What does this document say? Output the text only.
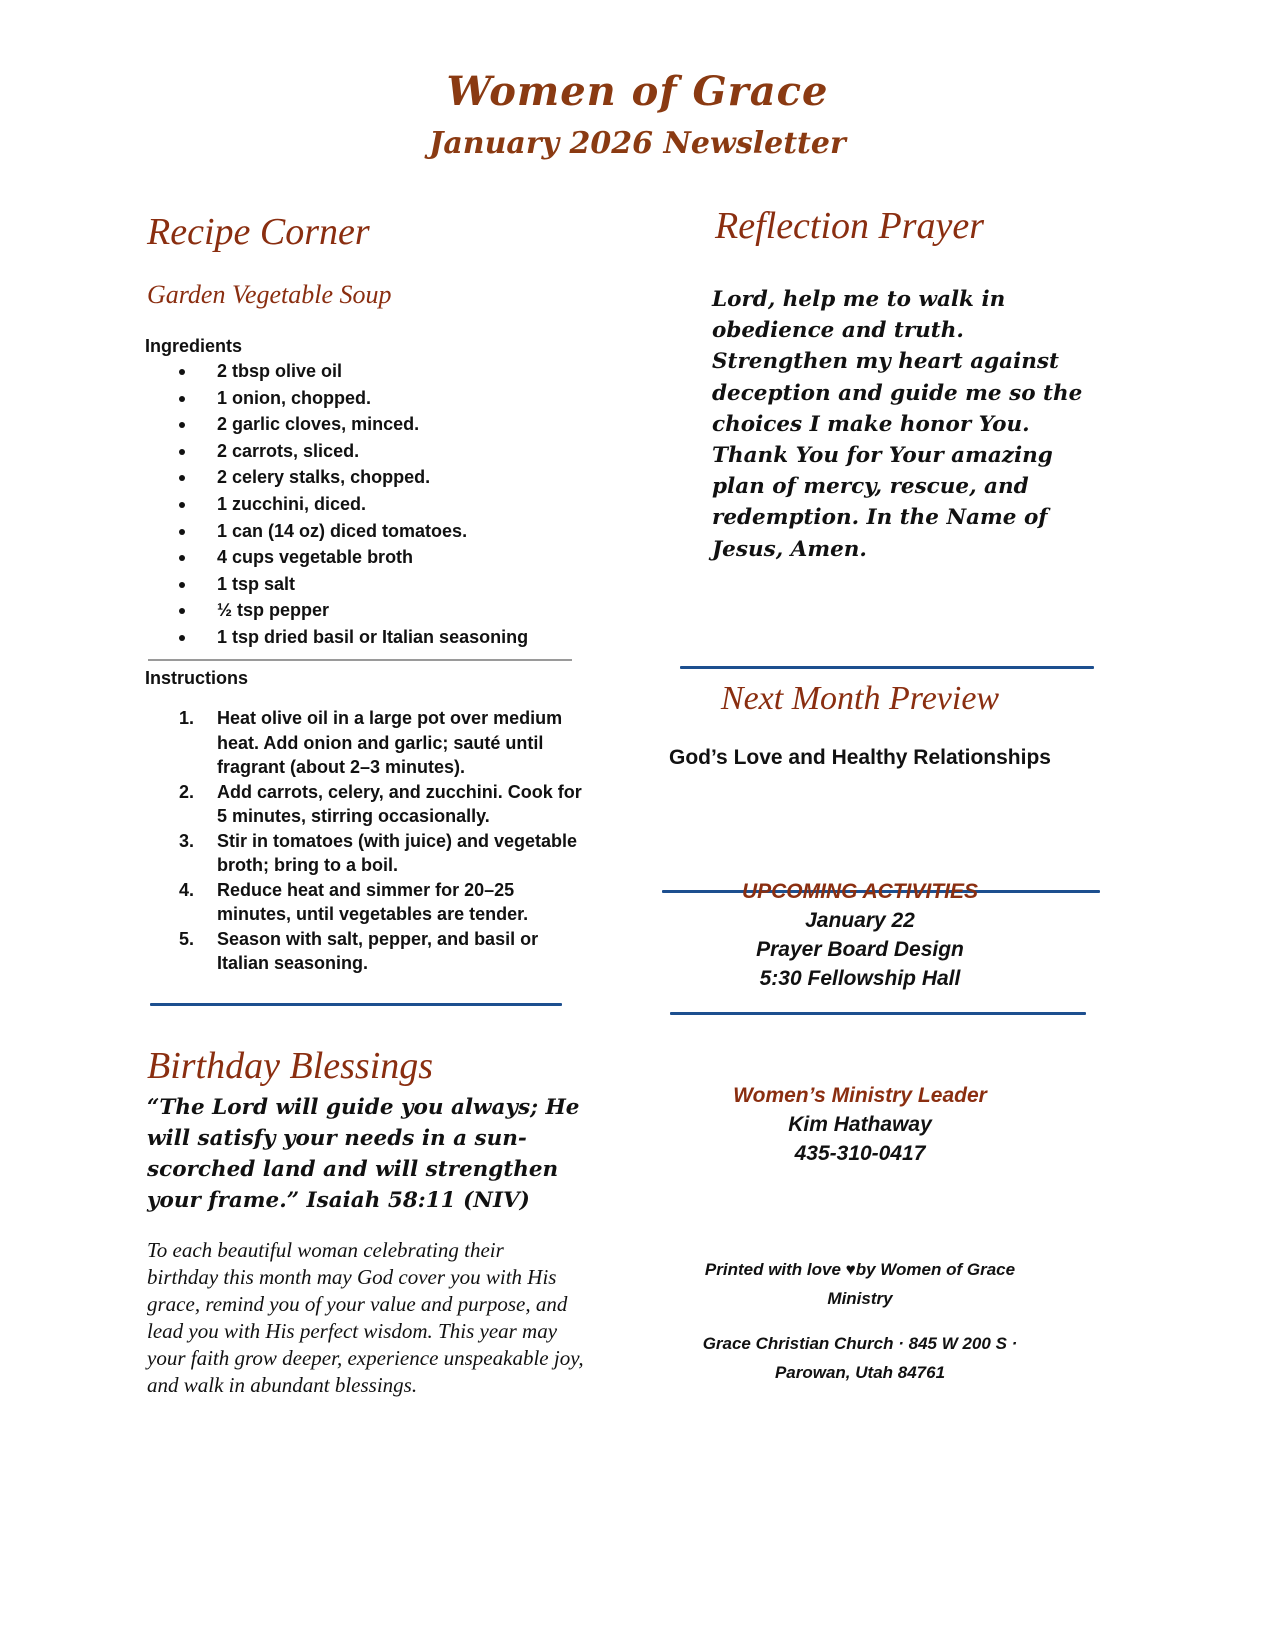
Women of Grace
January 2026 Newsletter
Recipe Corner
Garden Vegetable Soup
Ingredients
2 tbsp olive oil
1 onion, chopped.
2 garlic cloves, minced.
2 carrots, sliced.
2 celery stalks, chopped.
1 zucchini, diced.
1 can (14 oz) diced tomatoes.
4 cups vegetable broth
1 tsp salt
½ tsp pepper
1 tsp dried basil or Italian seasoning
Instructions
1. Heat olive oil in a large pot over medium heat. Add onion and garlic; sauté until fragrant (about 2–3 minutes).
2. Add carrots, celery, and zucchini. Cook for 5 minutes, stirring occasionally.
3. Stir in tomatoes (with juice) and vegetable broth; bring to a boil.
4. Reduce heat and simmer for 20–25 minutes, until vegetables are tender.
5. Season with salt, pepper, and basil or Italian seasoning.
Birthday Blessings
“The Lord will guide you always; He
will satisfy your needs in a sun-
scorched land and will strengthen
your frame.” Isaiah 58:11 (NIV)
To each beautiful woman celebrating their
birthday this month may God cover you with His
grace, remind you of your value and purpose, and
lead you with His perfect wisdom. This year may
your faith grow deeper, experience unspeakable joy,
and walk in abundant blessings.
Reflection Prayer
Lord, help me to walk in
obedience and truth.
Strengthen my heart against
deception and guide me so the
choices I make honor You.
Thank You for Your amazing
plan of mercy, rescue, and
redemption. In the Name of
Jesus, Amen.
Next Month Preview
God’s Love and Healthy Relationships
UPCOMING ACTIVITIES
January 22
Prayer Board Design
5:30 Fellowship Hall
Women’s Ministry Leader
Kim Hathaway
435-310-0417
Printed with love ♥by Women of Grace
Ministry
Grace Christian Church · 845 W 200 S ·
Parowan, Utah 84761
